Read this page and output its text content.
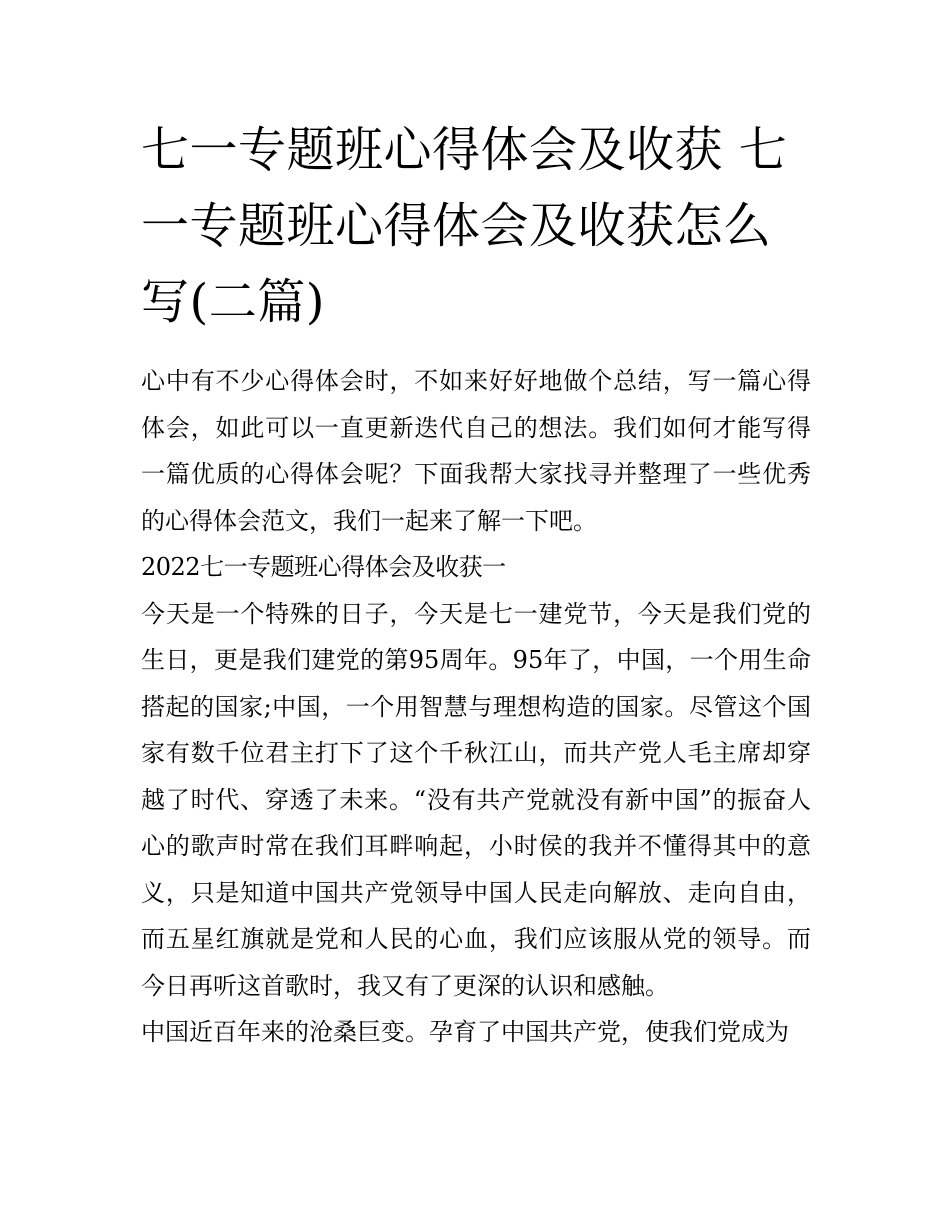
七一专题班心得体会及收获 七一专题班心得体会及收获怎么写(二篇)

心中有不少心得体会时，不如来好好地做个总结，写一篇心得体会，如此可以一直更新迭代自己的想法。我们如何才能写得一篇优质的心得体会呢？下面我帮大家找寻并整理了一些优秀的心得体会范文，我们一起来了解一下吧。

2022七一专题班心得体会及收获一

今天是一个特殊的日子，今天是七一建党节，今天是我们党的生日，更是我们建党的第95周年。95年了，中国，一个用生命搭起的国家;中国，一个用智慧与理想构造的国家。尽管这个国家有数千位君主打下了这个千秋江山，而共产党人毛主席却穿越了时代、穿透了未来。“没有共产党就没有新中国”的振奋人心的歌声时常在我们耳畔响起，小时侯的我并不懂得其中的意义，只是知道中国共产党领导中国人民走向解放、走向自由，而五星红旗就是党和人民的心血，我们应该服从党的领导。而今日再听这首歌时，我又有了更深的认识和感触。

中国近百年来的沧桑巨变。孕育了中国共产党，使我们党成为
